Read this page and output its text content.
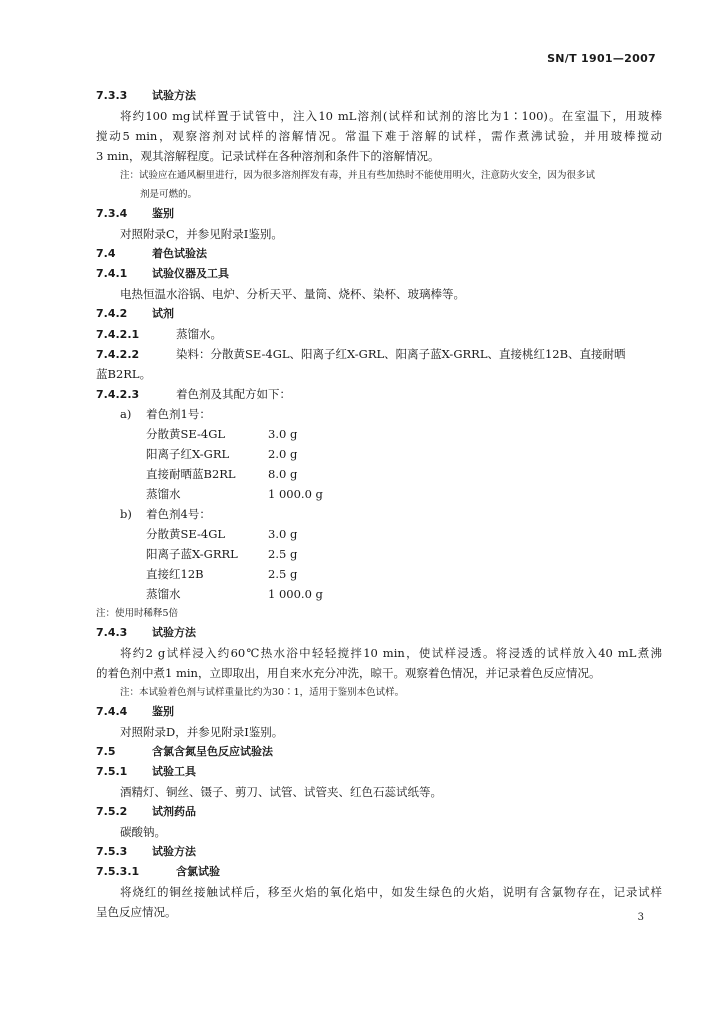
SN/T 1901—2007
7.3.3 试验方法
将约100 mg试样置于试管中，注入10 mL溶剂(试样和试剂的溶比为1∶100)。在室温下，用玻棒
搅动5 min，观察溶剂对试样的溶解情况。常温下难于溶解的试样，需作煮沸试验，并用玻棒搅动
3 min，观其溶解程度。记录试样在各种溶剂和条件下的溶解情况。
注：试验应在通风橱里进行，因为很多溶剂挥发有毒，并且有些加热时不能使用明火，注意防火安全，因为很多试
剂是可燃的。
7.3.4 鉴别
对照附录C，并参见附录I鉴别。
7.4	着色试验法
7.4.1 试验仪器及工具
电热恒温水浴锅、电炉、分析天平、量筒、烧杯、染杯、玻璃棒等。
7.4.2 试剂
7.4.2.1	蒸馏水。
7.4.2.2	染料：分散黄SE-4GL、阳离子红X-GRL、阳离子蓝X-GRRL、直接桃红12B、直接耐晒
蓝B2RL。
7.4.2.3	着色剂及其配方如下：
a) 着色剂1号：
分散黄SE-4GL	3.0 g
阳离子红X-GRL	2.0 g
直接耐晒蓝B2RL	8.0 g
蒸馏水	1 000.0 g
b) 着色剂4号：
分散黄SE-4GL	3.0 g
阳离子蓝X-GRRL	2.5 g
直接红12B	2.5 g
蒸馏水	1 000.0 g
注：使用时稀释5倍
7.4.3 试验方法
将约2 g试样浸入约60℃热水浴中轻轻搅拌10 min，使试样浸透。将浸透的试样放入40 mL煮沸
的着色剂中煮1 min，立即取出，用自来水充分冲洗，晾干。观察着色情况，并记录着色反应情况。
注：本试验着色剂与试样重量比约为30∶1，适用于鉴别本色试样。
7.4.4 鉴别
对照附录D，并参见附录I鉴别。
7.5	含氯含氮呈色反应试验法
7.5.1 试验工具
酒精灯、铜丝、镊子、剪刀、试管、试管夹、红色石蕊试纸等。
7.5.2 试剂药品
碳酸钠。
7.5.3 试验方法
7.5.3.1	含氯试验
将烧红的铜丝接触试样后，移至火焰的氧化焰中，如发生绿色的火焰，说明有含氯物存在，记录试样
呈色反应情况。	3
